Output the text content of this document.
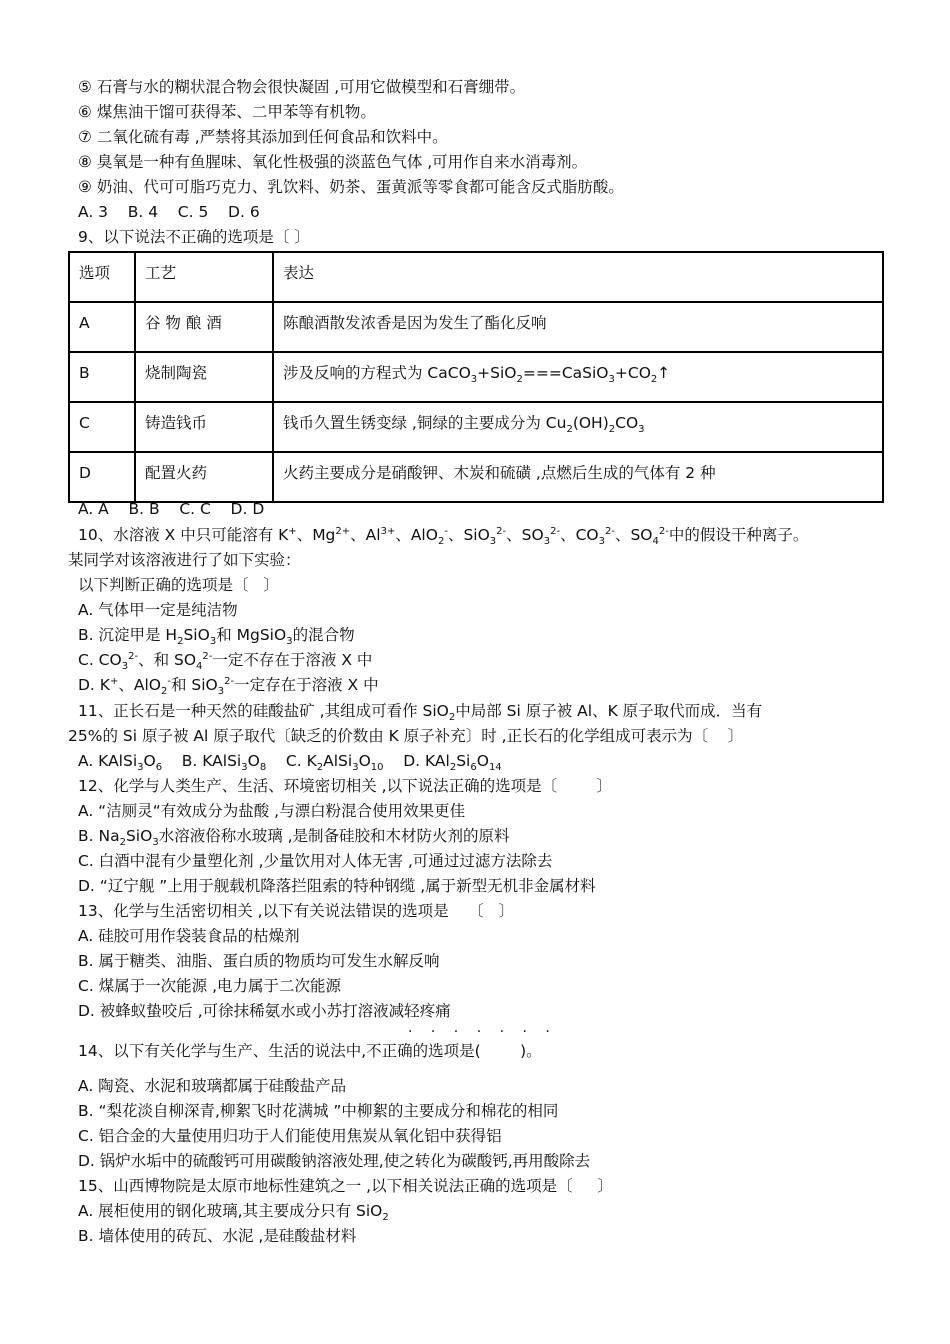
⑤ 石膏与水的糊状混合物会很快凝固 ,可用它做模型和石膏绷带。
⑥ 煤焦油干馏可获得苯、二甲苯等有机物。
⑦ 二氧化硫有毒 ,严禁将其添加到任何食品和饮料中。
⑧ 臭氧是一种有鱼腥味、氧化性极强的淡蓝色气体 ,可用作自来水消毒剂。
⑨ 奶油、代可可脂巧克力、乳饮料、奶茶、蛋黄派等零食都可能含反式脂肪酸。
A. 3    B. 4    C. 5    D. 6
9、以下说法不正确的选项是〔 〕
选项	工艺	表达
A	谷 物 酿 酒	陈酿酒散发浓香是因为发生了酯化反响
B	烧制陶瓷	涉及反响的方程式为 $CaCO_3+SiO_2===CaSiO_3+CO_2↑$
C	铸造钱币	钱币久置生锈变绿 ,铜绿的主要成分为 $Cu_2(OH)_2CO_3$
D	配置火药	火药主要成分是硝酸钾、木炭和硫磺 ,点燃后生成的气体有 2 种
A. A    B. B    C. C    D. D
10、水溶液 X 中只可能溶有 K+、$Mg^{2+}$、$Al^{3+}$、AlO$_2$-、SiO$_3^{2-}$、$SO_3^{2-}$、$CO_3^{2-}$、$SO_4^{2-}$中的假设干种离子。
某同学对该溶液进行了如下实验：
以下判断正确的选项是〔   〕
A. 气体甲一定是纯洁物
B. 沉淀甲是 $H_2SiO_3$和 MgSiO$_3$的混合物
C. $CO_3^{2-}$、和 $SO_4^{2-}$一定不存在于溶液 X 中
D. K+、AlO$_2$-和 SiO$_3^{2-}$一定存在于溶液 X 中
11、正长石是一种天然的硅酸盐矿 ,其组成可看作 SiO$_2$中局部 Si 原子被 Al、K 原子取代而成．当有
25%的 Si 原子被 Al 原子取代〔缺乏的价数由 K 原子补充〕时 ,正长石的化学组成可表示为〔    〕
A. $KAlSi_3O_6$    B. $KAlSi_3O_8$    C. $K_2AlSi_3O_{10}$    D. $KAl_2Si_6O_{14}$
12、化学与人类生产、生活、环境密切相关 ,以下说法正确的选项是〔        〕
A. “洁厕灵“有效成分为盐酸 ,与漂白粉混合使用效果更佳
B. $Na_2SiO_3$水溶液俗称水玻璃 ,是制备硅胶和木材防火剂的原料
C. 白酒中混有少量塑化剂 ,少量饮用对人体无害 ,可通过过滤方法除去
D. “辽宁舰 ”上用于舰载机降落拦阻索的特种钢缆 ,属于新型无机非金属材料
13、化学与生活密切相关 ,以下有关说法错误的选项是    〔   〕
A. 硅胶可用作袋装食品的枯燥剂
B. 属于糖类、油脂、蛋白质的物质均可发生水解反响
C. 煤属于一次能源 ,电力属于二次能源
D. 被蜂蚁蛰咬后 ,可徐抹稀氨水或小苏打溶液减轻疼痛
· · · · · · ·
14、以下有关化学与生产、生活的说法中,不正确的选项是(        )。
A. 陶瓷、水泥和玻璃都属于硅酸盐产品
B. “梨花淡自柳深青,柳絮飞时花满城 ”中柳絮的主要成分和棉花的相同
C. 铝合金的大量使用归功于人们能使用焦炭从氧化铝中获得铝
D. 锅炉水垢中的硫酸钙可用碳酸钠溶液处理,使之转化为碳酸钙,再用酸除去
15、山西博物院是太原市地标性建筑之一 ,以下相关说法正确的选项是〔     〕
A. 展柜使用的钢化玻璃,其主要成分只有 SiO$_2$
B. 墙体使用的砖瓦、水泥 ,是硅酸盐材料
